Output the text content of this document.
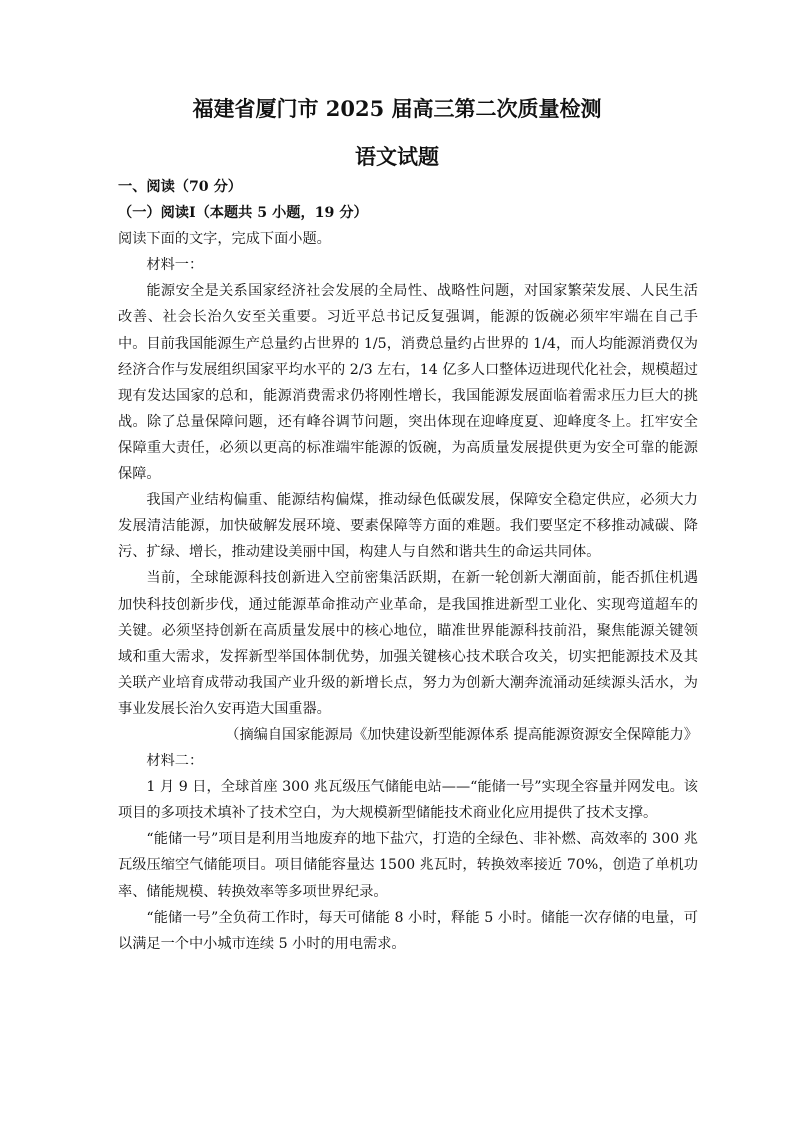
福建省厦门市 2025 届高三第二次质量检测
语文试题

一、阅读（70 分）

（一）阅读Ⅰ（本题共 5 小题，19 分）

阅读下面的文字，完成下面小题。

材料一：

能源安全是关系国家经济社会发展的全局性、战略性问题，对国家繁荣发展、人民生活改善、社会长治久安至关重要。习近平总书记反复强调，能源的饭碗必须牢牢端在自己手中。目前我国能源生产总量约占世界的 1/5，消费总量约占世界的 1/4，而人均能源消费仅为经济合作与发展组织国家平均水平的 2/3 左右，14 亿多人口整体迈进现代化社会，规模超过现有发达国家的总和，能源消费需求仍将刚性增长，我国能源发展面临着需求压力巨大的挑战。除了总量保障问题，还有峰谷调节问题，突出体现在迎峰度夏、迎峰度冬上。扛牢安全保障重大责任，必须以更高的标准端牢能源的饭碗，为高质量发展提供更为安全可靠的能源保障。

我国产业结构偏重、能源结构偏煤，推动绿色低碳发展，保障安全稳定供应，必须大力发展清洁能源，加快破解发展环境、要素保障等方面的难题。我们要坚定不移推动减碳、降污、扩绿、增长，推动建设美丽中国，构建人与自然和谐共生的命运共同体。

当前，全球能源科技创新进入空前密集活跃期，在新一轮创新大潮面前，能否抓住机遇加快科技创新步伐，通过能源革命推动产业革命，是我国推进新型工业化、实现弯道超车的关键。必须坚持创新在高质量发展中的核心地位，瞄准世界能源科技前沿，聚焦能源关键领域和重大需求，发挥新型举国体制优势，加强关键核心技术联合攻关，切实把能源技术及其关联产业培育成带动我国产业升级的新增长点，努力为创新大潮奔流涌动延续源头活水，为事业发展长治久安再造大国重器。

（摘编自国家能源局《加快建设新型能源体系 提高能源资源安全保障能力》

材料二：

1 月 9 日，全球首座 300 兆瓦级压气储能电站——“能储一号”实现全容量并网发电。该项目的多项技术填补了技术空白，为大规模新型储能技术商业化应用提供了技术支撑。

“能储一号”项目是利用当地废弃的地下盐穴，打造的全绿色、非补燃、高效率的 300 兆瓦级压缩空气储能项目。项目储能容量达 1500 兆瓦时，转换效率接近 70%，创造了单机功率、储能规模、转换效率等多项世界纪录。

“能储一号”全负荷工作时，每天可储能 8 小时，释能 5 小时。储能一次存储的电量，可以满足一个中小城市连续 5 小时的用电需求。
